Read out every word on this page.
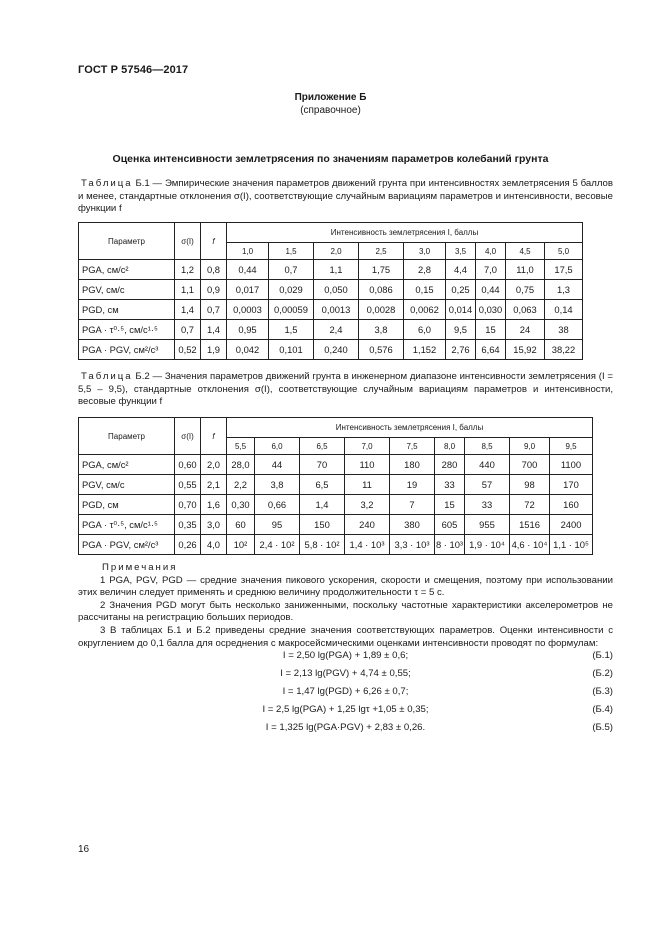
ГОСТ Р 57546—2017
Приложение Б
(справочное)
Оценка интенсивности землетрясения по значениям параметров колебаний грунта
Таблица Б.1 — Эмпирические значения параметров движений грунта при интенсивностях землетрясения 5 баллов и менее, стандартные отклонения σ(I), соответствующие случайным вариациям параметров и интенсивности, весовые функции f
Параметр	σ(I)	f	Интенсивность землетрясения I, баллы								
			1,0	1,5	2,0	2,5	3,0	3,5	4,0	4,5	5,0
PGA, см/с²	1,2	0,8	0,44	0,7	1,1	1,75	2,8	4,4	7,0	11,0	17,5
PGV, см/с	1,1	0,9	0,017	0,029	0,050	0,086	0,15	0,25	0,44	0,75	1,3
PGD, см	1,4	0,7	0,0003	0,00059	0,0013	0,0028	0,0062	0,014	0,030	0,063	0,14
PGA · τ⁰·⁵, см/с¹·⁵	0,7	1,4	0,95	1,5	2,4	3,8	6,0	9,5	15	24	38
PGA · PGV, см²/с³	0,52	1,9	0,042	0,101	0,240	0,576	1,152	2,76	6,64	15,92	38,22
Таблица Б.2 — Значения параметров движений грунта в инженерном диапазоне интенсивности землетрясения (I = 5,5 – 9,5), стандартные отклонения σ(I), соответствующие случайным вариациям параметров и интенсивности, весовые функции f
Параметр	σ(I)	f	Интенсивность землетрясения I, баллы								
			5,5	6,0	6,5	7,0	7,5	8,0	8,5	9,0	9,5
PGA, см/с²	0,60	2,0	28,0	44	70	110	180	280	440	700	1100
PGV, см/с	0,55	2,1	2,2	3,8	6,5	11	19	33	57	98	170
PGD, см	0,70	1,6	0,30	0,66	1,4	3,2	7	15	33	72	160
PGA · τ⁰·⁵, см/с¹·⁵	0,35	3,0	60	95	150	240	380	605	955	1516	2400
PGA · PGV, см²/с³	0,26	4,0	10²	2,4 · 10²	5,8 · 10²	1,4 · 10³	3,3 · 10³	8 · 10³	1,9 · 10⁴	4,6 · 10⁴	1,1 · 10⁵
Примечания

1 PGA, PGV, PGD — средние значения пикового ускорения, скорости и смещения, поэтому при использовании этих величин следует применять и среднюю величину продолжительности τ = 5 с.

2 Значения PGD могут быть несколько заниженными, поскольку частотные характеристики акселерометров не рассчитаны на регистрацию больших периодов.

3 В таблицах Б.1 и Б.2 приведены средние значения соответствующих параметров. Оценки интенсивности с округлением до 0,1 балла для осреднения с макросейсмическими оценками интенсивности проводят по формулам:

I = 2,50 lg(PGA) + 1,89 ± 0,6;	(Б.1)
I = 2,13 lg(PGV) + 4,74 ± 0,55;	(Б.2)
I = 1,47 lg(PGD) + 6,26 ± 0,7;	(Б.3)
I = 2,5 lg(PGA) + 1,25 lgτ +1,05 ± 0,35;	(Б.4)
I = 1,325 lg(PGA·PGV) + 2,83 ± 0,26.	(Б.5)
16
